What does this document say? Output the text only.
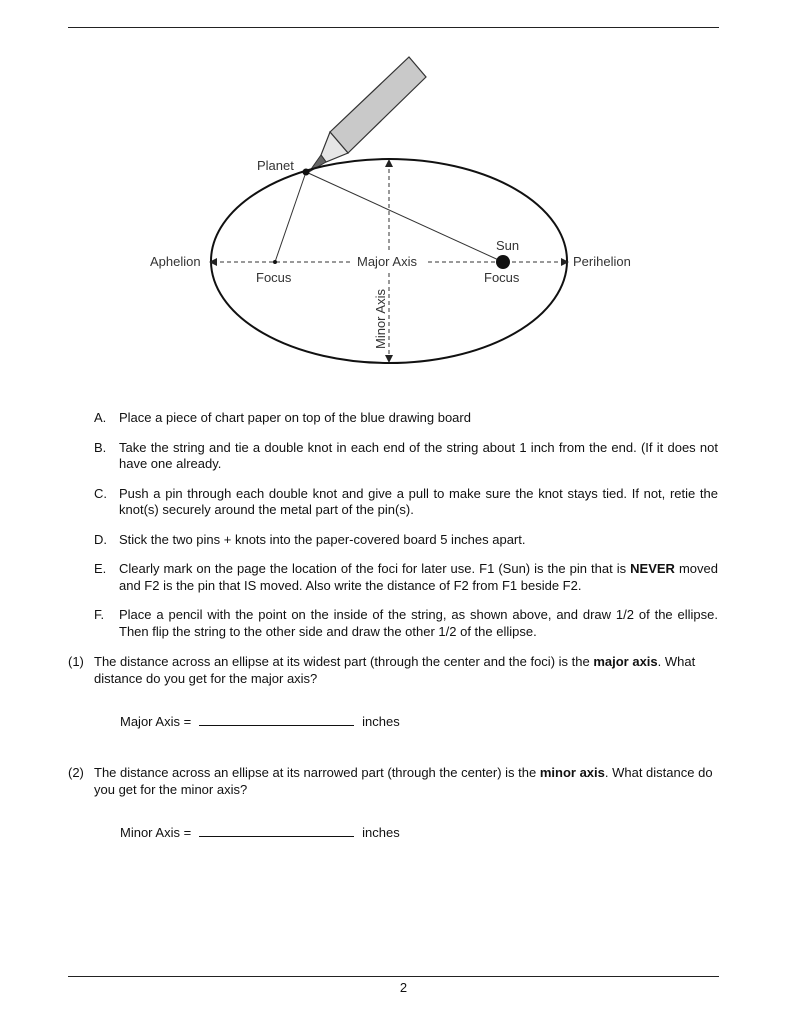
Planet
Sun
Aphelion	Perihelion
Focus	Focus
Major Axis
Minor Axis
A. Place a piece of chart paper on top of the blue drawing board
B. Take the string and tie a double knot in each end of the string about 1 inch from the end. (If it does not have one already.
C. Push a pin through each double knot and give a pull to make sure the knot stays tied. If not, retie the knot(s) securely around the metal part of the pin(s).
D. Stick the two pins + knots into the paper-covered board 5 inches apart.
E. Clearly mark on the page the location of the foci for later use. F1 (Sun) is the pin that is NEVER moved and F2 is the pin that IS moved. Also write the distance of F2 from F1 beside F2.
F.	Place a pencil with the point on the inside of the string, as shown above, and draw 1/2 of the ellipse. Then flip the string to the other side and draw the other 1/2 of the ellipse.
(1) The distance across an ellipse at its widest part (through the center and the foci) is the major axis. What distance do you get for the major axis?
Major Axis =	inches
(2) The distance across an ellipse at its narrowed part (through the center) is the minor axis. What distance do you get for the minor axis?
Minor Axis =	inches
2
